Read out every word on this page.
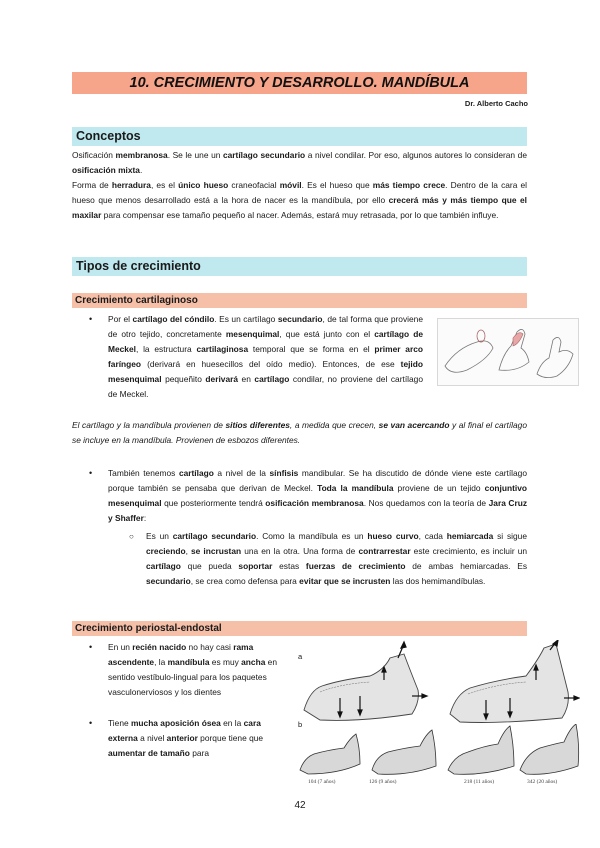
10. CRECIMIENTO Y DESARROLLO. MANDÍBULA
Dr. Alberto Cacho
Conceptos
Osificación membranosa. Se le une un cartílago secundario a nivel condilar. Por eso, algunos autores lo consideran de osificación mixta.
Forma de herradura, es el único hueso craneofacial móvil. Es el hueso que más tiempo crece. Dentro de la cara el hueso que menos desarrollado está a la hora de nacer es la mandíbula, por ello crecerá más y más tiempo que el maxilar para compensar ese tamaño pequeño al nacer. Además, estará muy retrasada, por lo que también influye.
Tipos de crecimiento
Crecimiento cartilaginoso
• Por el cartílago del cóndilo. Es un cartílago secundario, de tal forma que proviene de otro tejido, concretamente mesenquimal, que está junto con el cartílago de Meckel, la estructura cartilaginosa temporal que se forma en el primer arco faríngeo (derivará en huesecillos del oído medio). Entonces, de ese tejido mesenquimal pequeñito derivará en cartílago condilar, no proviene del cartílago de Meckel.
El cartílago y la mandíbula provienen de sitios diferentes, a medida que crecen, se van acercando y al final el cartílago se incluye en la mandíbula. Provienen de esbozos diferentes.
• También tenemos cartílago a nivel de la sínfisis mandibular. Se ha discutido de dónde viene este cartílago porque también se pensaba que derivan de Meckel. Toda la mandíbula proviene de un tejido conjuntivo mesenquimal que posteriormente tendrá osificación membranosa. Nos quedamos con la teoría de Jara Cruz y Shaffer:
○ Es un cartílago secundario. Como la mandíbula es un hueso curvo, cada hemiarcada si sigue creciendo, se incrustan una en la otra. Una forma de contrarrestar este crecimiento, es incluir un cartílago que pueda soportar estas fuerzas de crecimiento de ambas hemiarcadas. Es secundario, se crea como defensa para evitar que se incrusten las dos hemimandíbulas.
Crecimiento periostal-endostal
• En un recién nacido no hay casi rama ascendente, la mandíbula es muy ancha en sentido vestíbulo-lingual para los paquetes vasculonerviosos y los dientes
• Tiene mucha aposición ósea en la cara externa a nivel anterior porque tiene que aumentar de tamaño para
a
b
104 (7 años)	126 (9 años)	218 (11 años)	342 (20 años)
42
